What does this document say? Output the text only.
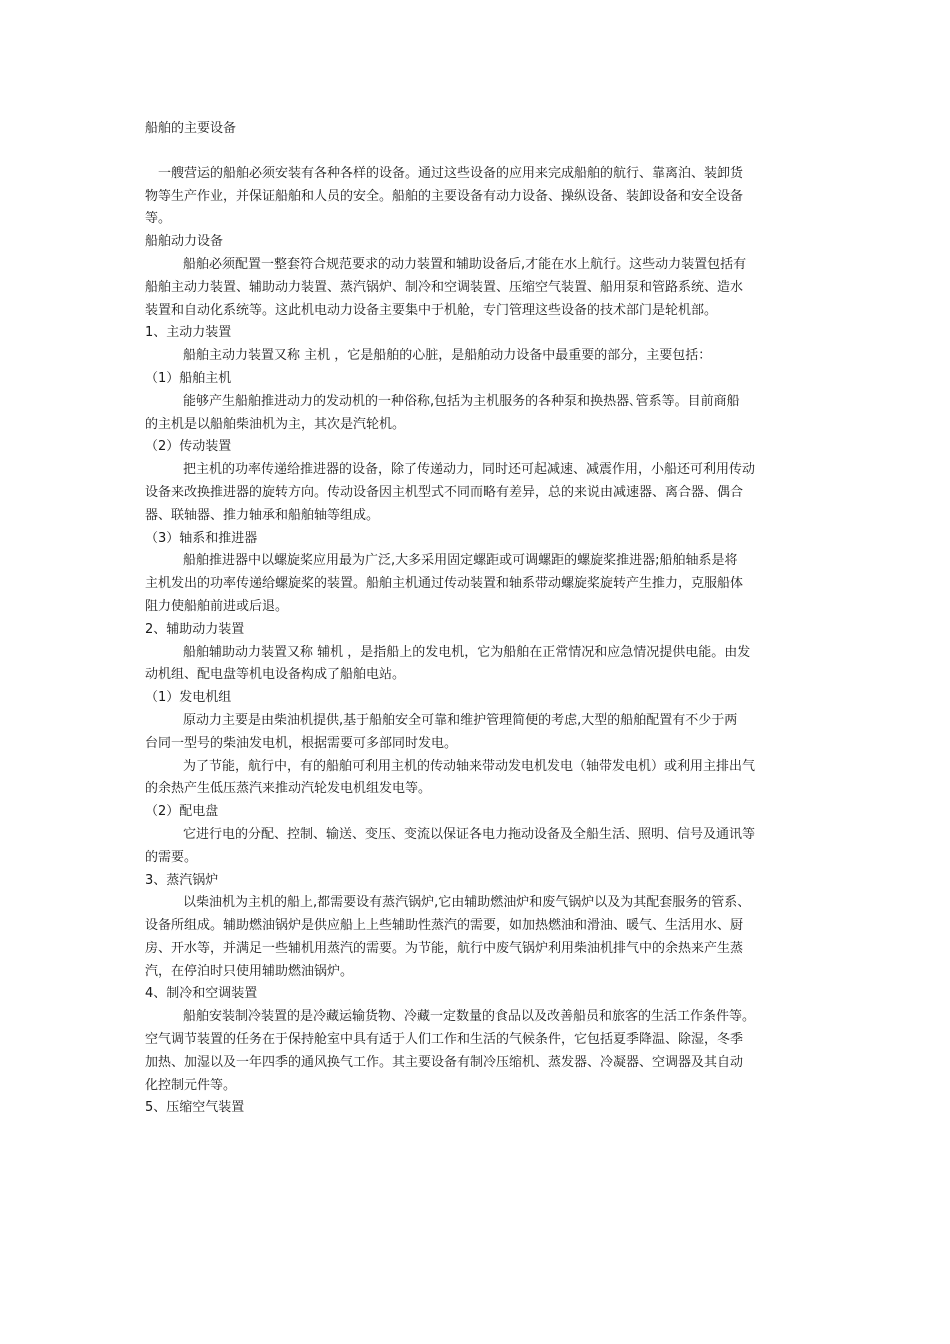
船舶的主要设备

一艘营运的船舶必须安装有各种各样的设备。通过这些设备的应用来完成船舶的航行、靠离泊、装卸货

物等生产作业，并保证船舶和人员的安全。船舶的主要设备有动力设备、操纵设备、装卸设备和安全设备

等。

船舶动力设备

船舶必须配置一整套符合规范要求的动力装置和辅助设备后,才能在水上航行。这些动力装置包括有

船舶主动力装置、辅助动力装置、蒸汽锅炉、制冷和空调装置、压缩空气装置、船用泵和管路系统、造水

装置和自动化系统等。这此机电动力设备主要集中于机舱，专门管理这些设备的技术部门是轮机部。

1、主动力装置

船舶主动力装置又称 主机 ，它是船舶的心脏，是船舶动力设备中最重要的部分，主要包括：

（1）船舶主机

能够产生船舶推进动力的发动机的一种俗称,包括为主机服务的各种泵和换热器､管系等。目前商船

的主机是以船舶柴油机为主，其次是汽轮机。

（2）传动装置

把主机的功率传递给推进器的设备，除了传递动力，同时还可起减速、减震作用，小船还可利用传动

设备来改换推进器的旋转方向。传动设备因主机型式不同而略有差异，总的来说由减速器、离合器、偶合

器、联轴器、推力轴承和船舶轴等组成。

（3）轴系和推进器

船舶推进器中以螺旋桨应用最为广泛,大多采用固定螺距或可调螺距的螺旋桨推进器;船舶轴系是将

主机发出的功率传递给螺旋桨的装置。船舶主机通过传动装置和轴系带动螺旋桨旋转产生推力，克服船体

阻力使船舶前进或后退。

2、辅助动力装置

船舶辅助动力装置又称 辅机 ，是指船上的发电机，它为船舶在正常情况和应急情况提供电能。由发

动机组、配电盘等机电设备构成了船舶电站。

（1）发电机组

原动力主要是由柴油机提供,基于船舶安全可靠和维护管理简便的考虑,大型的船舶配置有不少于两

台同一型号的柴油发电机，根据需要可多部同时发电。

为了节能，航行中，有的船舶可利用主机的传动轴来带动发电机发电（轴带发电机）或利用主排出气

的余热产生低压蒸汽来推动汽轮发电机组发电等。

（2）配电盘

它进行电的分配、控制、输送、变压、变流以保证各电力拖动设备及全船生活、照明、信号及通讯等

的需要。

3、蒸汽锅炉

以柴油机为主机的船上,都需要设有蒸汽锅炉,它由辅助燃油炉和废气锅炉以及为其配套服务的管系、

设备所组成。辅助燃油锅炉是供应船上上些辅助性蒸汽的需要，如加热燃油和滑油、暖气、生活用水、厨

房、开水等，并满足一些辅机用蒸汽的需要。为节能，航行中废气锅炉利用柴油机排气中的余热来产生蒸

汽，在停泊时只使用辅助燃油锅炉。

4、制冷和空调装置

船舶安装制冷装置的是冷藏运输货物、冷藏一定数量的食品以及改善船员和旅客的生活工作条件等。

空气调节装置的任务在于保持舱室中具有适于人们工作和生活的气候条件，它包括夏季降温、除湿，冬季

加热、加湿以及一年四季的通风换气工作。其主要设备有制冷压缩机、蒸发器、冷凝器、空调器及其自动

化控制元件等。

5、压缩空气装置
